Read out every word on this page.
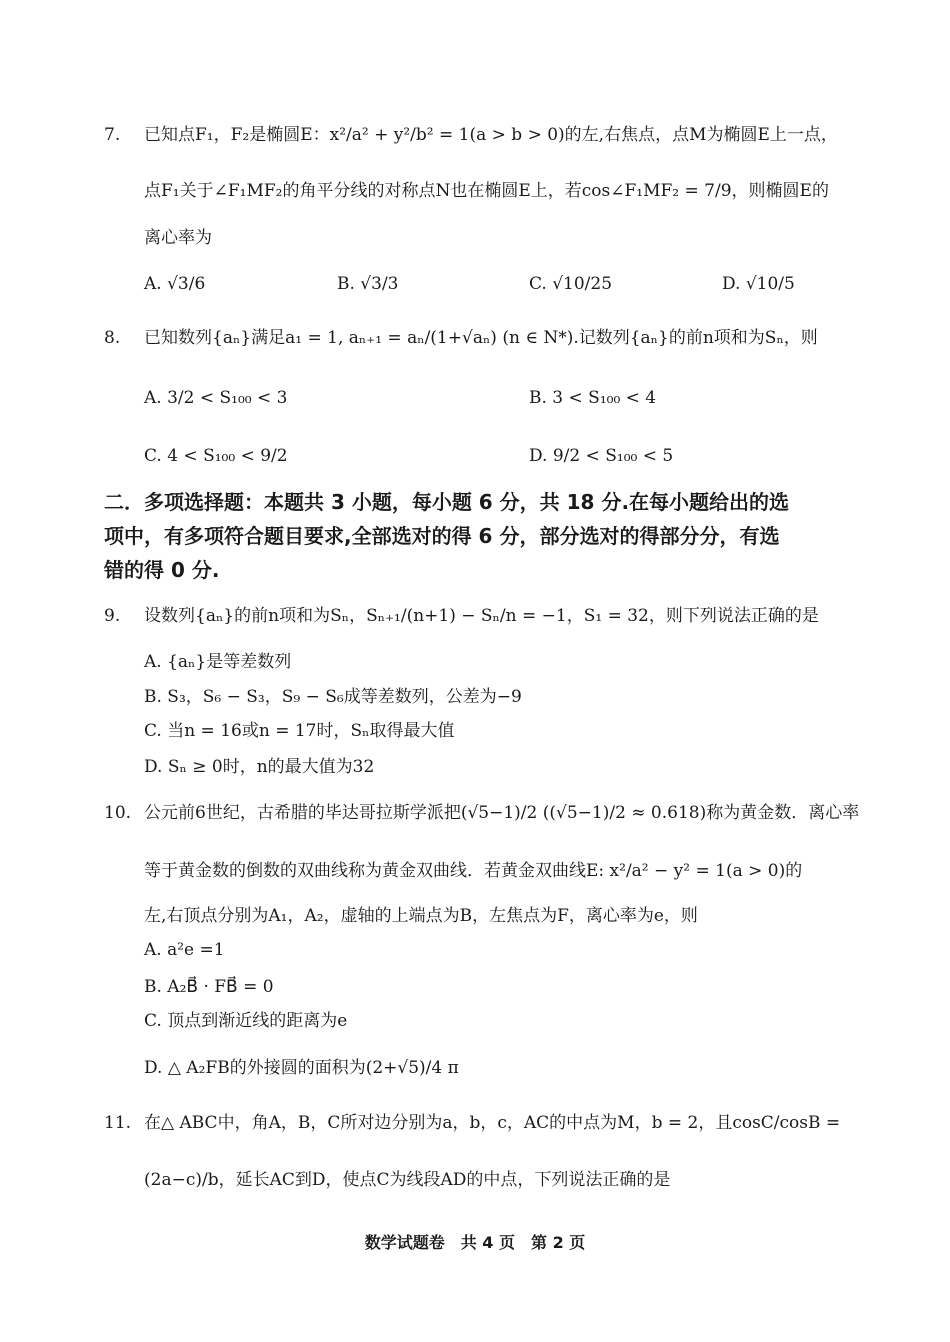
7. 已知点F₁，F₂是椭圆E：x²/a² + y²/b² = 1(a > b > 0)的左,右焦点，点M为椭圆E上一点，
点F₁关于∠F₁MF₂的角平分线的对称点N也在椭圆E上，若cos∠F₁MF₂ = 7/9，则椭圆E的
离心率为
A. √3/6	B. √3/3	C. √10/25	D. √10/5
8. 已知数列{aₙ}满足a₁ = 1, aₙ₊₁ = aₙ/(1+√aₙ) (n ∈ N*).记数列{aₙ}的前n项和为Sₙ，则
A. 3/2 < S₁₀₀ < 3	B. 3 < S₁₀₀ < 4
C. 4 < S₁₀₀ < 9/2	D. 9/2 < S₁₀₀ < 5
二．多项选择题：本题共 3 小题，每小题 6 分，共 18 分.在每小题给出的选
项中，有多项符合题目要求,全部选对的得 6 分，部分选对的得部分分，有选
错的得 0 分.
9. 设数列{aₙ}的前n项和为Sₙ，Sₙ₊₁/(n+1) − Sₙ/n = −1，S₁ = 32，则下列说法正确的是
A. {aₙ}是等差数列
B. S₃，S₆ − S₃，S₉ − S₆成等差数列，公差为−9
C. 当n = 16或n = 17时，Sₙ取得最大值
D. Sₙ ≥ 0时，n的最大值为32
10. 公元前6世纪，古希腊的毕达哥拉斯学派把(√5−1)/2 ((√5−1)/2 ≈ 0.618)称为黄金数．离心率
等于黄金数的倒数的双曲线称为黄金双曲线．若黄金双曲线E: x²/a² − y² = 1(a > 0)的
左,右顶点分别为A₁，A₂，虚轴的上端点为B，左焦点为F，离心率为e，则
A. a²e =1
B. A₂B⃗ · FB⃗ = 0
C. 顶点到渐近线的距离为e
D. △ A₂FB的外接圆的面积为(2+√5)/4 π
11. 在△ ABC中，角A，B，C所对边分别为a，b，c，AC的中点为M，b = 2，且cosC/cosB =
(2a−c)/b，延长AC到D，使点C为线段AD的中点，下列说法正确的是
数学试题卷　共 4 页　第 2 页
